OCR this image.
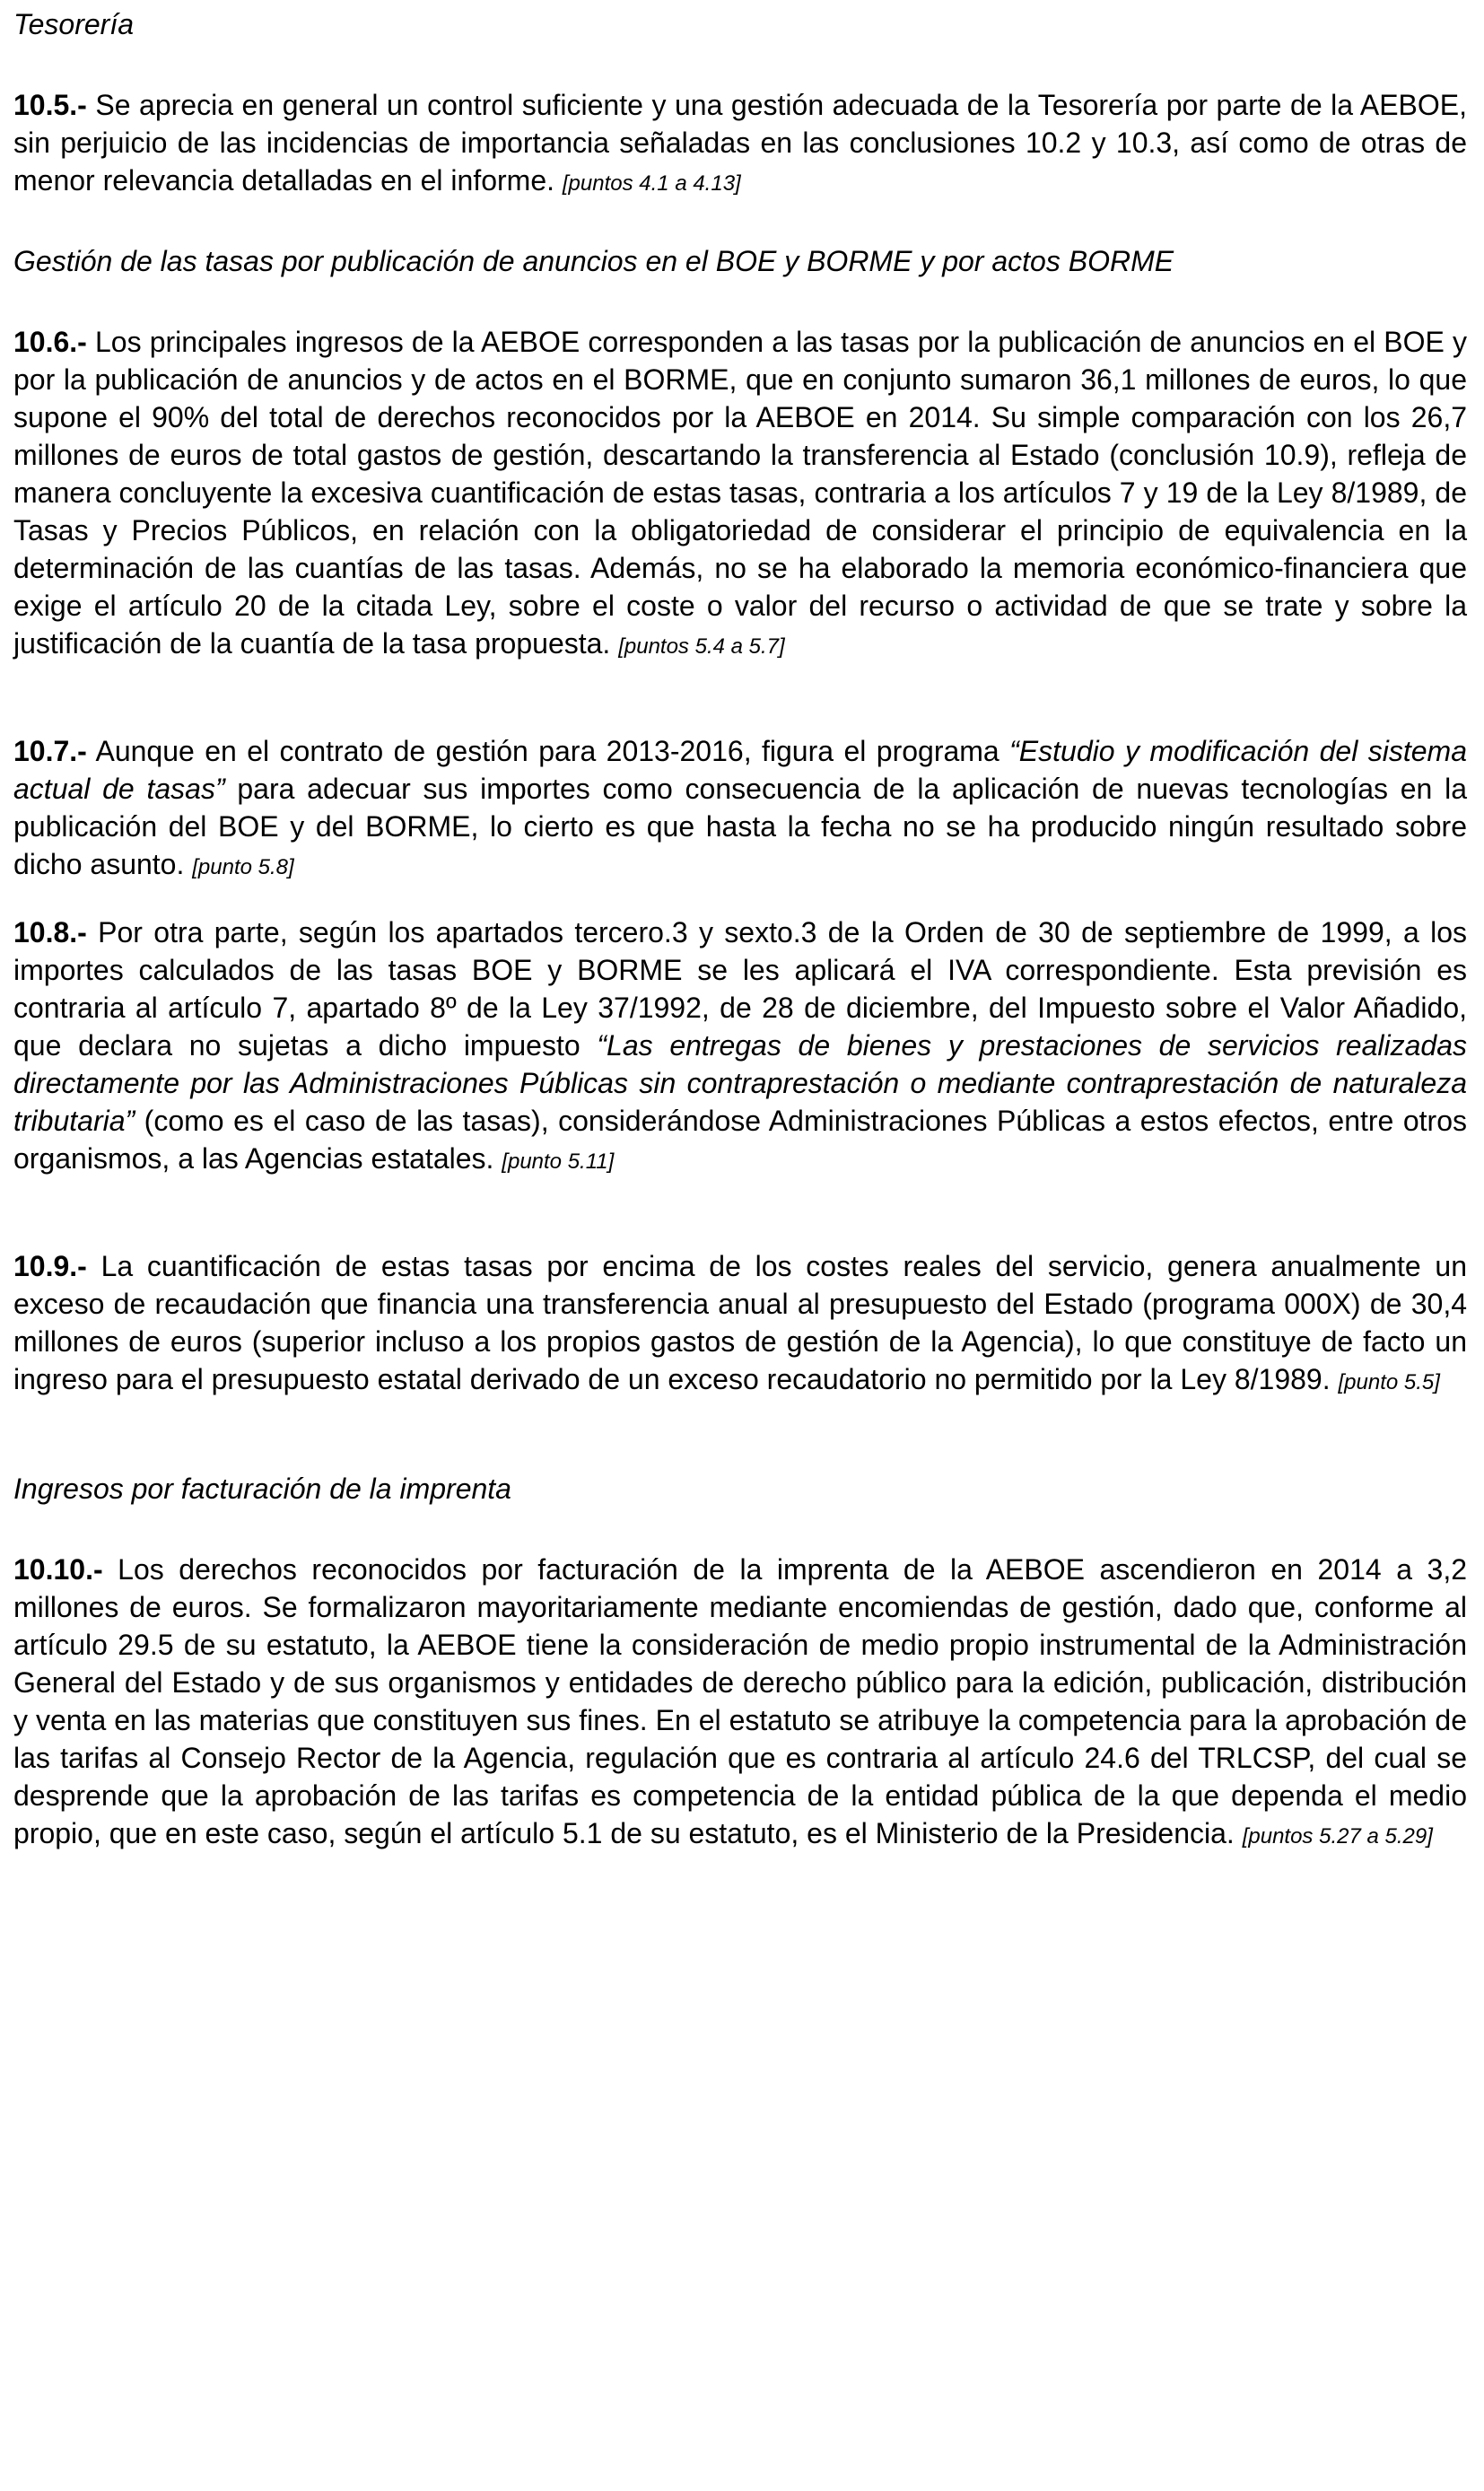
Tesorería

10.5.- Se aprecia en general un control suficiente y una gestión adecuada de la Tesorería por parte de la AEBOE, sin perjuicio de las incidencias de importancia señaladas en las conclusiones 10.2 y 10.3, así como de otras de menor relevancia detalladas en el informe. [puntos 4.1 a 4.13]

Gestión de las tasas por publicación de anuncios en el BOE y BORME y por actos BORME

10.6.- Los principales ingresos de la AEBOE corresponden a las tasas por la publicación de anuncios en el BOE y por la publicación de anuncios y de actos en el BORME, que en conjunto sumaron 36,1 millones de euros, lo que supone el 90% del total de derechos reconocidos por la AEBOE en 2014. Su simple comparación con los 26,7 millones de euros de total gastos de gestión, descartando la transferencia al Estado (conclusión 10.9), refleja de manera concluyente la excesiva cuantificación de estas tasas, contraria a los artículos 7 y 19 de la Ley 8/1989, de Tasas y Precios Públicos, en relación con la obligatoriedad de considerar el principio de equivalencia en la determinación de las cuantías de las tasas. Además, no se ha elaborado la memoria económico-financiera que exige el artículo 20 de la citada Ley, sobre el coste o valor del recurso o actividad de que se trate y sobre la justificación de la cuantía de la tasa propuesta. [puntos 5.4 a 5.7]

10.7.- Aunque en el contrato de gestión para 2013-2016, figura el programa “Estudio y modificación del sistema actual de tasas” para adecuar sus importes como consecuencia de la aplicación de nuevas tecnologías en la publicación del BOE y del BORME, lo cierto es que hasta la fecha no se ha producido ningún resultado sobre dicho asunto. [punto 5.8]

10.8.- Por otra parte, según los apartados tercero.3 y sexto.3 de la Orden de 30 de septiembre de 1999, a los importes calculados de las tasas BOE y BORME se les aplicará el IVA correspondiente. Esta previsión es contraria al artículo 7, apartado 8º de la Ley 37/1992, de 28 de diciembre, del Impuesto sobre el Valor Añadido, que declara no sujetas a dicho impuesto “Las entregas de bienes y prestaciones de servicios realizadas directamente por las Administraciones Públicas sin contraprestación o mediante contraprestación de naturaleza tributaria” (como es el caso de las tasas), considerándose Administraciones Públicas a estos efectos, entre otros organismos, a las Agencias estatales. [punto 5.11]

10.9.- La cuantificación de estas tasas por encima de los costes reales del servicio, genera anualmente un exceso de recaudación que financia una transferencia anual al presupuesto del Estado (programa 000X) de 30,4 millones de euros (superior incluso a los propios gastos de gestión de la Agencia), lo que constituye de facto un ingreso para el presupuesto estatal derivado de un exceso recaudatorio no permitido por la Ley 8/1989. [punto 5.5]

Ingresos por facturación de la imprenta

10.10.- Los derechos reconocidos por facturación de la imprenta de la AEBOE ascendieron en 2014 a 3,2 millones de euros. Se formalizaron mayoritariamente mediante encomiendas de gestión, dado que, conforme al artículo 29.5 de su estatuto, la AEBOE tiene la consideración de medio propio instrumental de la Administración General del Estado y de sus organismos y entidades de derecho público para la edición, publicación, distribución y venta en las materias que constituyen sus fines. En el estatuto se atribuye la competencia para la aprobación de las tarifas al Consejo Rector de la Agencia, regulación que es contraria al artículo 24.6 del TRLCSP, del cual se desprende que la aprobación de las tarifas es competencia de la entidad pública de la que dependa el medio propio, que en este caso, según el artículo 5.1 de su estatuto, es el Ministerio de la Presidencia. [puntos 5.27 a 5.29]
